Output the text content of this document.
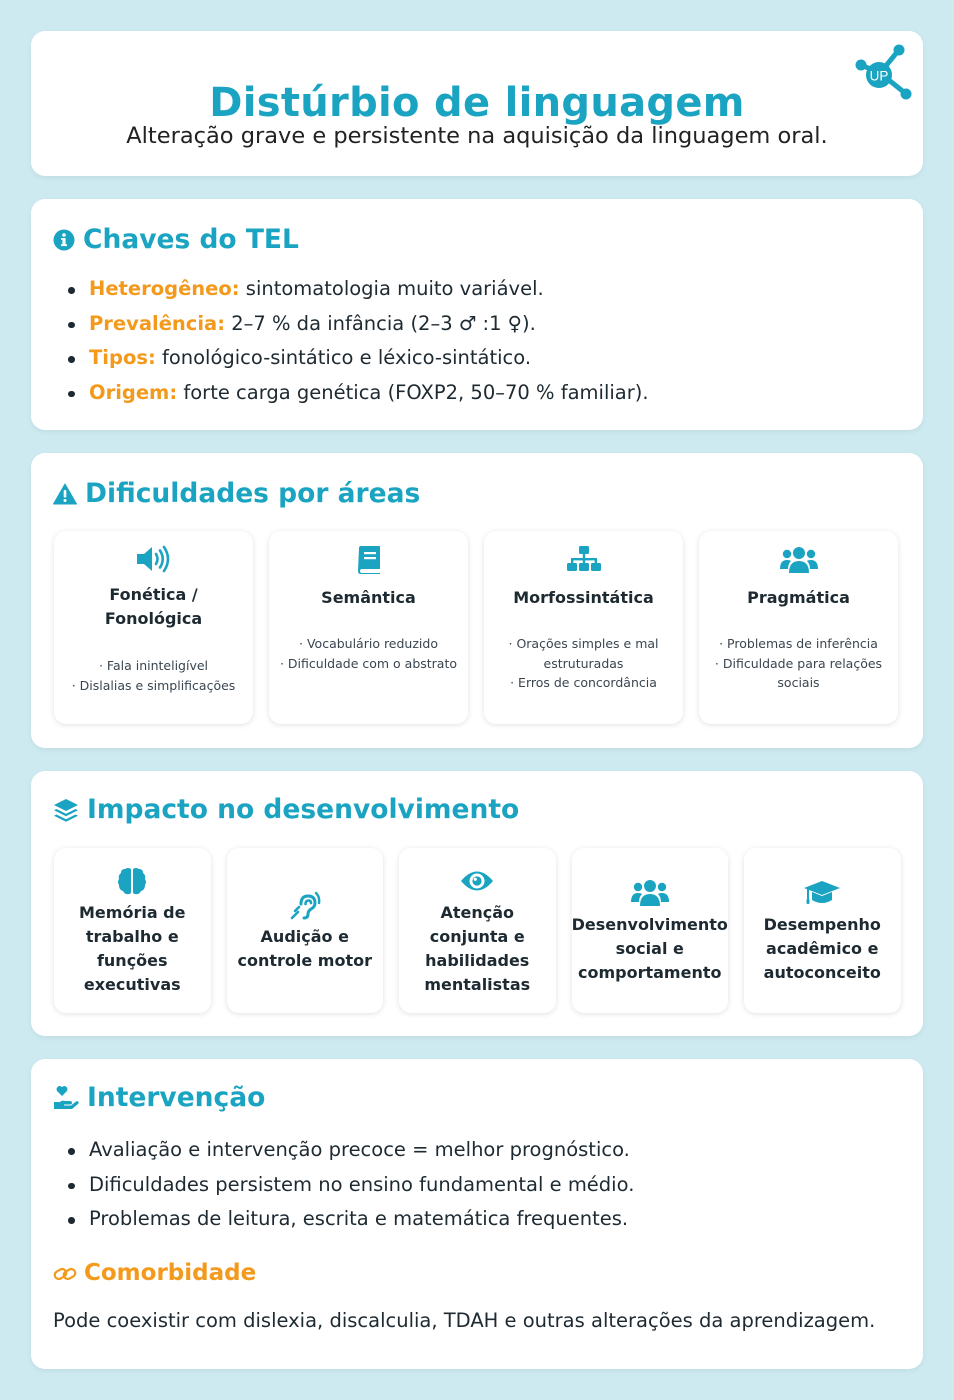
Distúrbio de linguagem
Alteração grave e persistente na aquisição da linguagem oral.
UP
Chaves do TEL
Heterogêneo: sintomatologia muito variável.
Prevalência: 2–7 % da infância (2–3 ♂ :1 ♀).
Tipos: fonológico-sintático e léxico-sintático.
Origem: forte carga genética (FOXP2, 50–70 % familiar).
Dificuldades por áreas
Fonética / Fonológica
· Fala ininteligível
· Dislalias e simplificações
Semântica
· Vocabulário reduzido
· Dificuldade com o abstrato
Morfossintática
· Orações simples e mal estruturadas
· Erros de concordância
Pragmática
· Problemas de inferência
· Dificuldade para relações sociais
Impacto no desenvolvimento
Memória de trabalho e funções executivas
Audição e controle motor
Atenção conjunta e habilidades mentalistas
Desenvolvimento social e comportamento
Desempenho acadêmico e autoconceito
Intervenção
Avaliação e intervenção precoce = melhor prognóstico.
Dificuldades persistem no ensino fundamental e médio.
Problemas de leitura, escrita e matemática frequentes.
Comorbidade
Pode coexistir com dislexia, discalculia, TDAH e outras alterações da aprendizagem.
